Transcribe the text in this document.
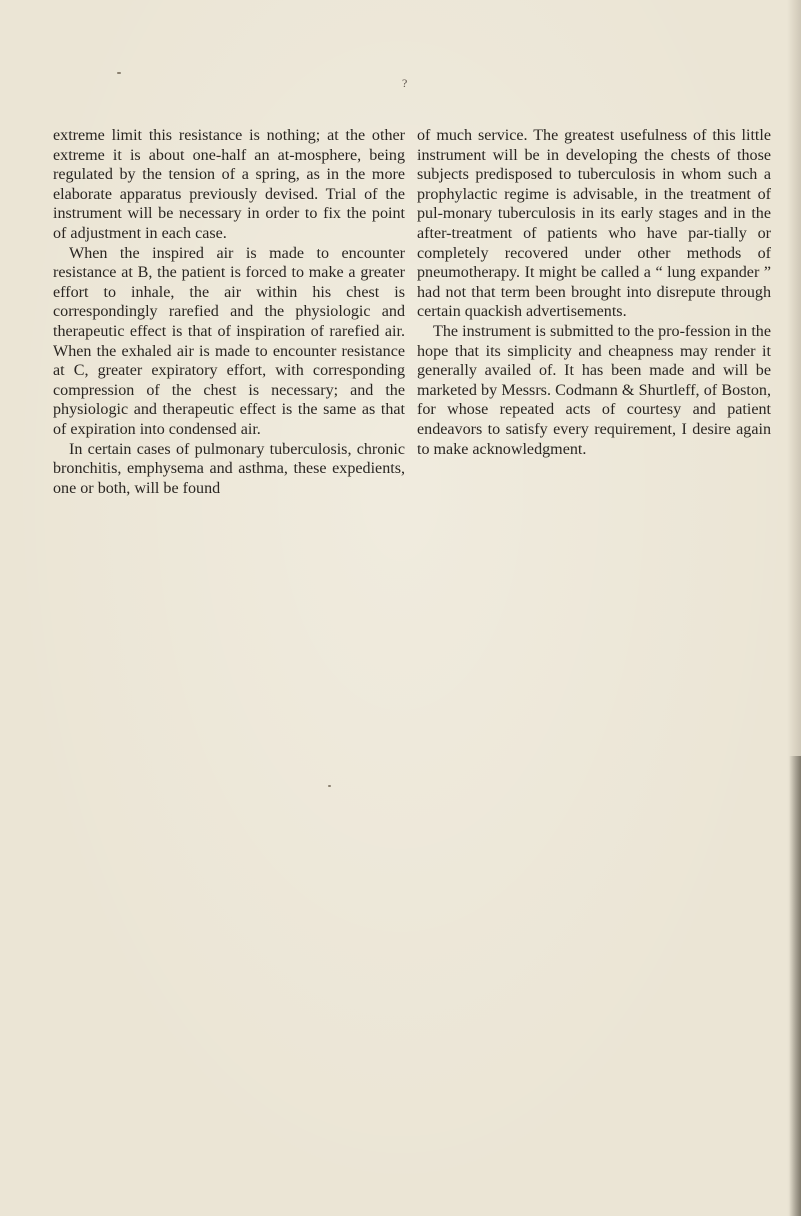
?

extreme limit this resistance is nothing; at the other extreme it is about one-half an at-mosphere, being regulated by the tension of a spring, as in the more elaborate apparatus previously devised. Trial of the instrument will be necessary in order to fix the point of adjustment in each case.

When the inspired air is made to encounter resistance at B, the patient is forced to make a greater effort to inhale, the air within his chest is correspondingly rarefied and the physiologic and therapeutic effect is that of inspiration of rarefied air. When the exhaled air is made to encounter resistance at C, greater expiratory effort, with corresponding compression of the chest is necessary; and the physiologic and therapeutic effect is the same as that of expiration into condensed air.

In certain cases of pulmonary tuberculosis, chronic bronchitis, emphysema and asthma, these expedients, one or both, will be found

of much service. The greatest usefulness of this little instrument will be in developing the chests of those subjects predisposed to tuberculosis in whom such a prophylactic regime is advisable, in the treatment of pul-monary tuberculosis in its early stages and in the after-treatment of patients who have par-tially or completely recovered under other methods of pneumotherapy. It might be called a “ lung expander ” had not that term been brought into disrepute through certain quackish advertisements.

The instrument is submitted to the pro-fession in the hope that its simplicity and cheapness may render it generally availed of. It has been made and will be marketed by Messrs. Codmann & Shurtleff, of Boston, for whose repeated acts of courtesy and patient endeavors to satisfy every requirement, I desire again to make acknowledgment.
